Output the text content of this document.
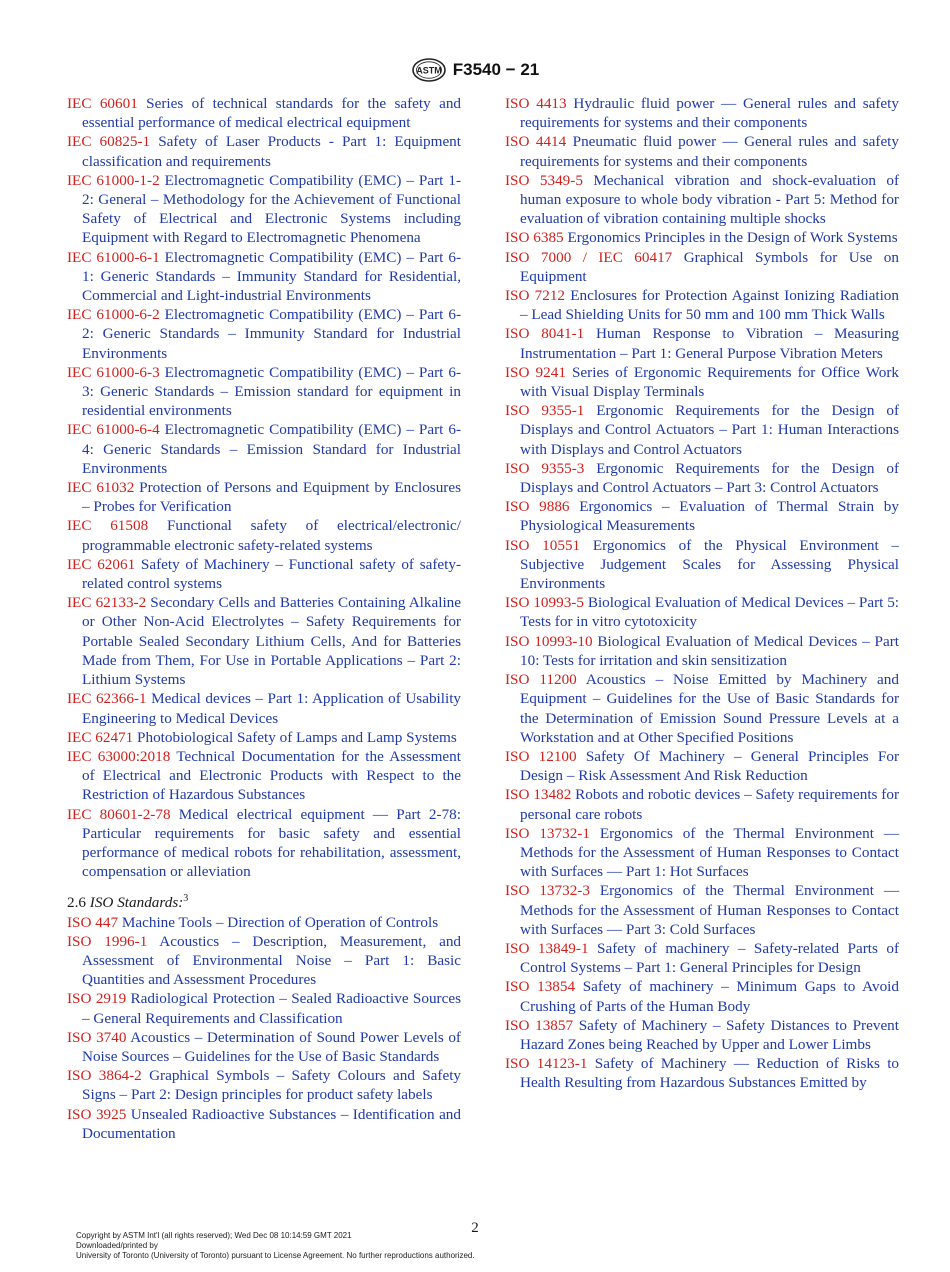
ASTM F3540 − 21

IEC 60601 Series of technical standards for the safety and essential performance of medical electrical equipment

IEC 60825-1 Safety of Laser Products - Part 1: Equipment classification and requirements

IEC 61000-1-2 Electromagnetic Compatibility (EMC) – Part 1-2: General – Methodology for the Achievement of Functional Safety of Electrical and Electronic Systems including Equipment with Regard to Electromagnetic Phenomena

IEC 61000-6-1 Electromagnetic Compatibility (EMC) – Part 6-1: Generic Standards – Immunity Standard for Residential, Commercial and Light-industrial Environments

IEC 61000-6-2 Electromagnetic Compatibility (EMC) – Part 6-2: Generic Standards – Immunity Standard for Industrial Environments

IEC 61000-6-3 Electromagnetic Compatibility (EMC) – Part 6-3: Generic Standards – Emission standard for equipment in residential environments

IEC 61000-6-4 Electromagnetic Compatibility (EMC) – Part 6-4: Generic Standards – Emission Standard for Industrial Environments

IEC 61032 Protection of Persons and Equipment by Enclosures – Probes for Verification

IEC 61508 Functional safety of electrical/electronic/ programmable electronic safety-related systems

IEC 62061 Safety of Machinery – Functional safety of safety-related control systems

IEC 62133-2 Secondary Cells and Batteries Containing Alkaline or Other Non-Acid Electrolytes – Safety Requirements for Portable Sealed Secondary Lithium Cells, And for Batteries Made from Them, For Use in Portable Applications – Part 2: Lithium Systems

IEC 62366-1 Medical devices – Part 1: Application of Usability Engineering to Medical Devices

IEC 62471 Photobiological Safety of Lamps and Lamp Systems

IEC 63000:2018 Technical Documentation for the Assessment of Electrical and Electronic Products with Respect to the Restriction of Hazardous Substances

IEC 80601-2-78 Medical electrical equipment — Part 2-78: Particular requirements for basic safety and essential performance of medical robots for rehabilitation, assessment, compensation or alleviation

2.6 ISO Standards:$^3$

ISO 447 Machine Tools – Direction of Operation of Controls

ISO 1996-1 Acoustics – Description, Measurement, and Assessment of Environmental Noise – Part 1: Basic Quantities and Assessment Procedures

ISO 2919 Radiological Protection – Sealed Radioactive Sources – General Requirements and Classification

ISO 3740 Acoustics – Determination of Sound Power Levels of Noise Sources – Guidelines for the Use of Basic Standards

ISO 3864-2 Graphical Symbols – Safety Colours and Safety Signs – Part 2: Design principles for product safety labels

ISO 3925 Unsealed Radioactive Substances – Identification and Documentation

ISO 4413 Hydraulic fluid power — General rules and safety requirements for systems and their components

ISO 4414 Pneumatic fluid power — General rules and safety requirements for systems and their components

ISO 5349-5 Mechanical vibration and shock-evaluation of human exposure to whole body vibration - Part 5: Method for evaluation of vibration containing multiple shocks

ISO 6385 Ergonomics Principles in the Design of Work Systems

ISO 7000 / IEC 60417 Graphical Symbols for Use on Equipment

ISO 7212 Enclosures for Protection Against Ionizing Radiation – Lead Shielding Units for 50 mm and 100 mm Thick Walls

ISO 8041-1 Human Response to Vibration – Measuring Instrumentation – Part 1: General Purpose Vibration Meters

ISO 9241 Series of Ergonomic Requirements for Office Work with Visual Display Terminals

ISO 9355-1 Ergonomic Requirements for the Design of Displays and Control Actuators – Part 1: Human Interactions with Displays and Control Actuators

ISO 9355-3 Ergonomic Requirements for the Design of Displays and Control Actuators – Part 3: Control Actuators

ISO 9886 Ergonomics – Evaluation of Thermal Strain by Physiological Measurements

ISO 10551 Ergonomics of the Physical Environment – Subjective Judgement Scales for Assessing Physical Environments

ISO 10993-5 Biological Evaluation of Medical Devices – Part 5: Tests for in vitro cytotoxicity

ISO 10993-10 Biological Evaluation of Medical Devices – Part 10: Tests for irritation and skin sensitization

ISO 11200 Acoustics – Noise Emitted by Machinery and Equipment – Guidelines for the Use of Basic Standards for the Determination of Emission Sound Pressure Levels at a Workstation and at Other Specified Positions

ISO 12100 Safety Of Machinery – General Principles For Design – Risk Assessment And Risk Reduction

ISO 13482 Robots and robotic devices – Safety requirements for personal care robots

ISO 13732-1 Ergonomics of the Thermal Environment — Methods for the Assessment of Human Responses to Contact with Surfaces — Part 1: Hot Surfaces

ISO 13732-3 Ergonomics of the Thermal Environment — Methods for the Assessment of Human Responses to Contact with Surfaces — Part 3: Cold Surfaces

ISO 13849-1 Safety of machinery – Safety-related Parts of Control Systems – Part 1: General Principles for Design

ISO 13854 Safety of machinery – Minimum Gaps to Avoid Crushing of Parts of the Human Body

ISO 13857 Safety of Machinery – Safety Distances to Prevent Hazard Zones being Reached by Upper and Lower Limbs

ISO 14123-1 Safety of Machinery — Reduction of Risks to Health Resulting from Hazardous Substances Emitted by

2
Copyright by ASTM Int'l (all rights reserved); Wed Dec 08 10:14:59 GMT 2021
Downloaded/printed by
University of Toronto (University of Toronto) pursuant to License Agreement. No further reproductions authorized.
